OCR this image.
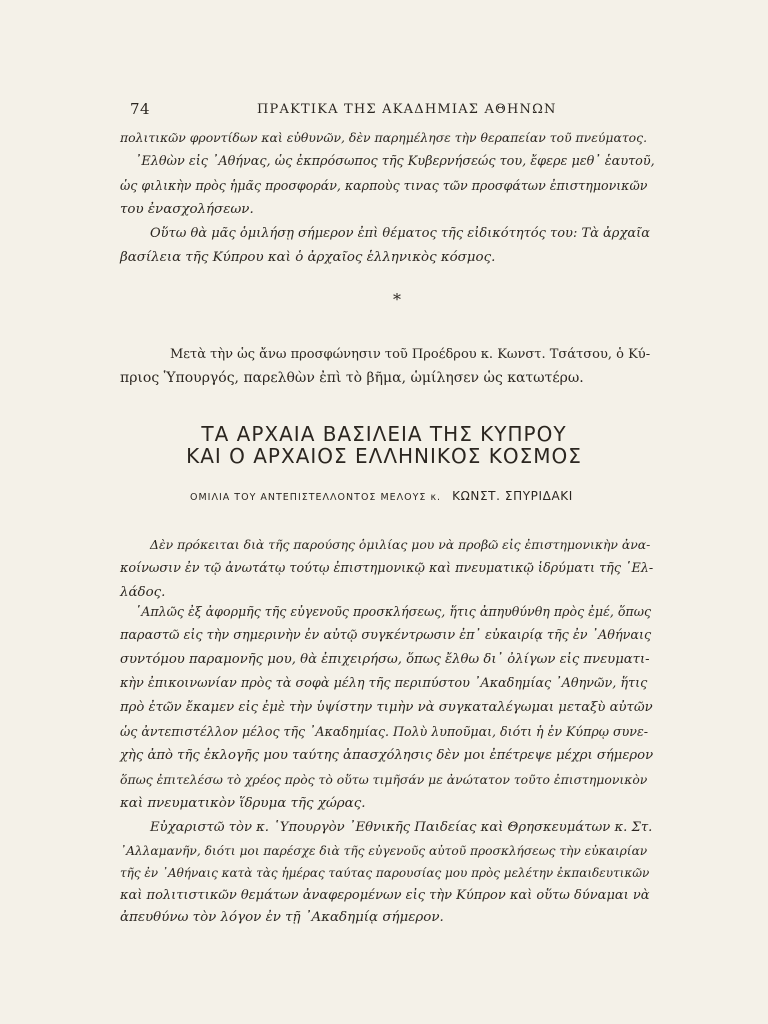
74	ΠΡΑΚΤΙΚΑ ΤΗΣ ΑΚΑΔΗΜΙΑΣ ΑΘΗΝΩΝ
πολιτικῶν φροντίδων καὶ εὐθυνῶν, δὲν παρημέλησε τὴν θεραπείαν τοῦ πνεύματος.
᾿Ελθὼν εἰς ᾿Αθήνας, ὡς ἐκπρόσωπος τῆς Κυβερνήσεώς του, ἔφερε μεθ᾿ ἑαυτοῦ,
ὡς φιλικὴν πρὸς ἡμᾶς προσφοράν, καρποὺς τινας τῶν προσφάτων ἐπιστημονικῶν
του ἐνασχολήσεων.
Οὕτω θὰ μᾶς ὁμιλήσῃ σήμερον ἐπὶ θέματος τῆς εἰδικότητός του: Τὰ ἀρχαῖα
βασίλεια τῆς Κύπρου καὶ ὁ ἀρχαῖος ἑλληνικὸς κόσμος.
*
Μετὰ τὴν ὡς ἄνω προσφώνησιν τοῦ Προέδρου κ. Κωνστ. Τσάτσου, ὁ Κύ-
πριος Ὑπουργός, παρελθὼν ἐπὶ τὸ βῆμα, ὡμίλησεν ὡς κατωτέρω.
ΤΑ ΑΡΧΑΙΑ ΒΑΣΙΛΕΙΑ ΤΗΣ ΚΥΠΡΟΥ
ΚΑΙ Ο ΑΡΧΑΙΟΣ ΕΛΛΗΝΙΚΟΣ ΚΟΣΜΟΣ
ΟΜΙΛΙΑ ΤΟΥ ΑΝΤΕΠΙΣΤΕΛΛΟΝΤΟΣ ΜΕΛΟΥΣ κ. ΚΩΝΣΤ. ΣΠΥΡΙΔΑΚΙ
Δὲν πρόκειται διὰ τῆς παρούσης ὁμιλίας μου νὰ προβῶ εἰς ἐπιστημονικὴν ἀνα-
κοίνωσιν ἐν τῷ ἀνωτάτῳ τούτῳ ἐπιστημονικῷ καὶ πνευματικῷ ἱδρύματι τῆς ῾Ελ-
λάδος.
῾Απλῶς ἐξ ἀφορμῆς τῆς εὐγενοῦς προσκλήσεως, ἥτις ἀπηυθύνθη πρὸς ἐμέ, ὅπως
παραστῶ εἰς τὴν σημερινὴν ἐν αὐτῷ συγκέντρωσιν ἐπ᾿ εὐκαιρίᾳ τῆς ἐν ᾿Αθήναις
συντόμου παραμονῆς μου, θὰ ἐπιχειρήσω, ὅπως ἔλθω δι᾿ ὀλίγων εἰς πνευματι-
κὴν ἐπικοινωνίαν πρὸς τὰ σοφὰ μέλη τῆς περιπύστου ᾿Ακαδημίας ᾿Αθηνῶν, ἥτις
πρὸ ἐτῶν ἔκαμεν εἰς ἐμὲ τὴν ὑψίστην τιμὴν νὰ συγκαταλέγωμαι μεταξὺ αὐτῶν
ὡς ἀντεπιστέλλον μέλος τῆς ᾿Ακαδημίας. Πολὺ λυποῦμαι, διότι ἡ ἐν Κύπρῳ συνε-
χὴς ἀπὸ τῆς ἐκλογῆς μου ταύτης ἀπασχόλησις δὲν μοι ἐπέτρεψε μέχρι σήμερον
ὅπως ἐπιτελέσω τὸ χρέος πρὸς τὸ οὕτω τιμῆσάν με ἀνώτατον τοῦτο ἐπιστημονικὸν
καὶ πνευματικὸν ἵδρυμα τῆς χώρας.
Εὐχαριστῶ τὸν κ. ῾Υπουργὸν ᾿Εθνικῆς Παιδείας καὶ Θρησκευμάτων κ. Στ.
᾿Αλλαμανῆν, διότι μοι παρέσχε διὰ τῆς εὐγενοῦς αὐτοῦ προσκλήσεως τὴν εὐκαιρίαν
τῆς ἐν ᾿Αθήναις κατὰ τὰς ἡμέρας ταύτας παρουσίας μου πρὸς μελέτην ἐκπαιδευτικῶν
καὶ πολιτιστικῶν θεμάτων ἀναφερομένων εἰς τὴν Κύπρον καὶ οὕτω δύναμαι νὰ
ἀπευθύνω τὸν λόγον ἐν τῇ ᾿Ακαδημίᾳ σήμερον.
